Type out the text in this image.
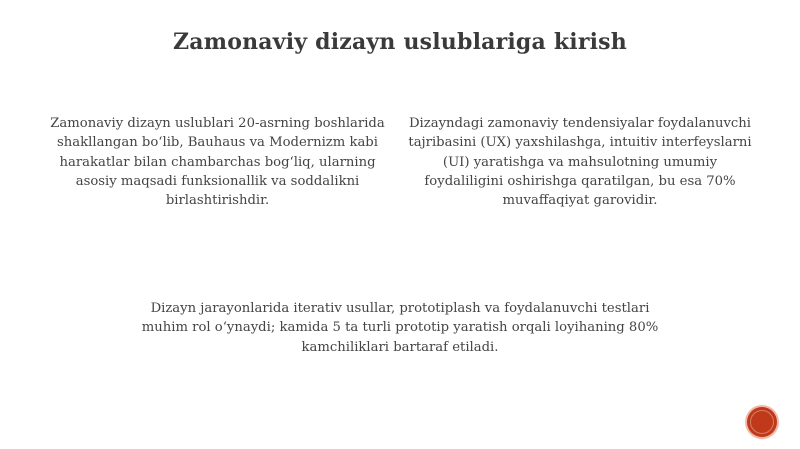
Zamonaviy dizayn uslublariga kirish
Zamonaviy dizayn uslublari 20-asrning boshlarida shakllangan bo‘lib, Bauhaus va Modernizm kabi harakatlar bilan chambarchas bog‘liq, ularning asosiy maqsadi funksionallik va soddalikni birlashtirishdir.
Dizayndagi zamonaviy tendensiyalar foydalanuvchi tajribasini (UX) yaxshilashga, intuitiv interfeyslarni (UI) yaratishga va mahsulotning umumiy foydaliligini oshirishga qaratilgan, bu esa 70% muvaffaqiyat garovidir.
Dizayn jarayonlarida iterativ usullar, prototiplash va foydalanuvchi testlari muhim rol o‘ynaydi; kamida 5 ta turli prototip yaratish orqali loyihaning 80% kamchiliklari bartaraf etiladi.
